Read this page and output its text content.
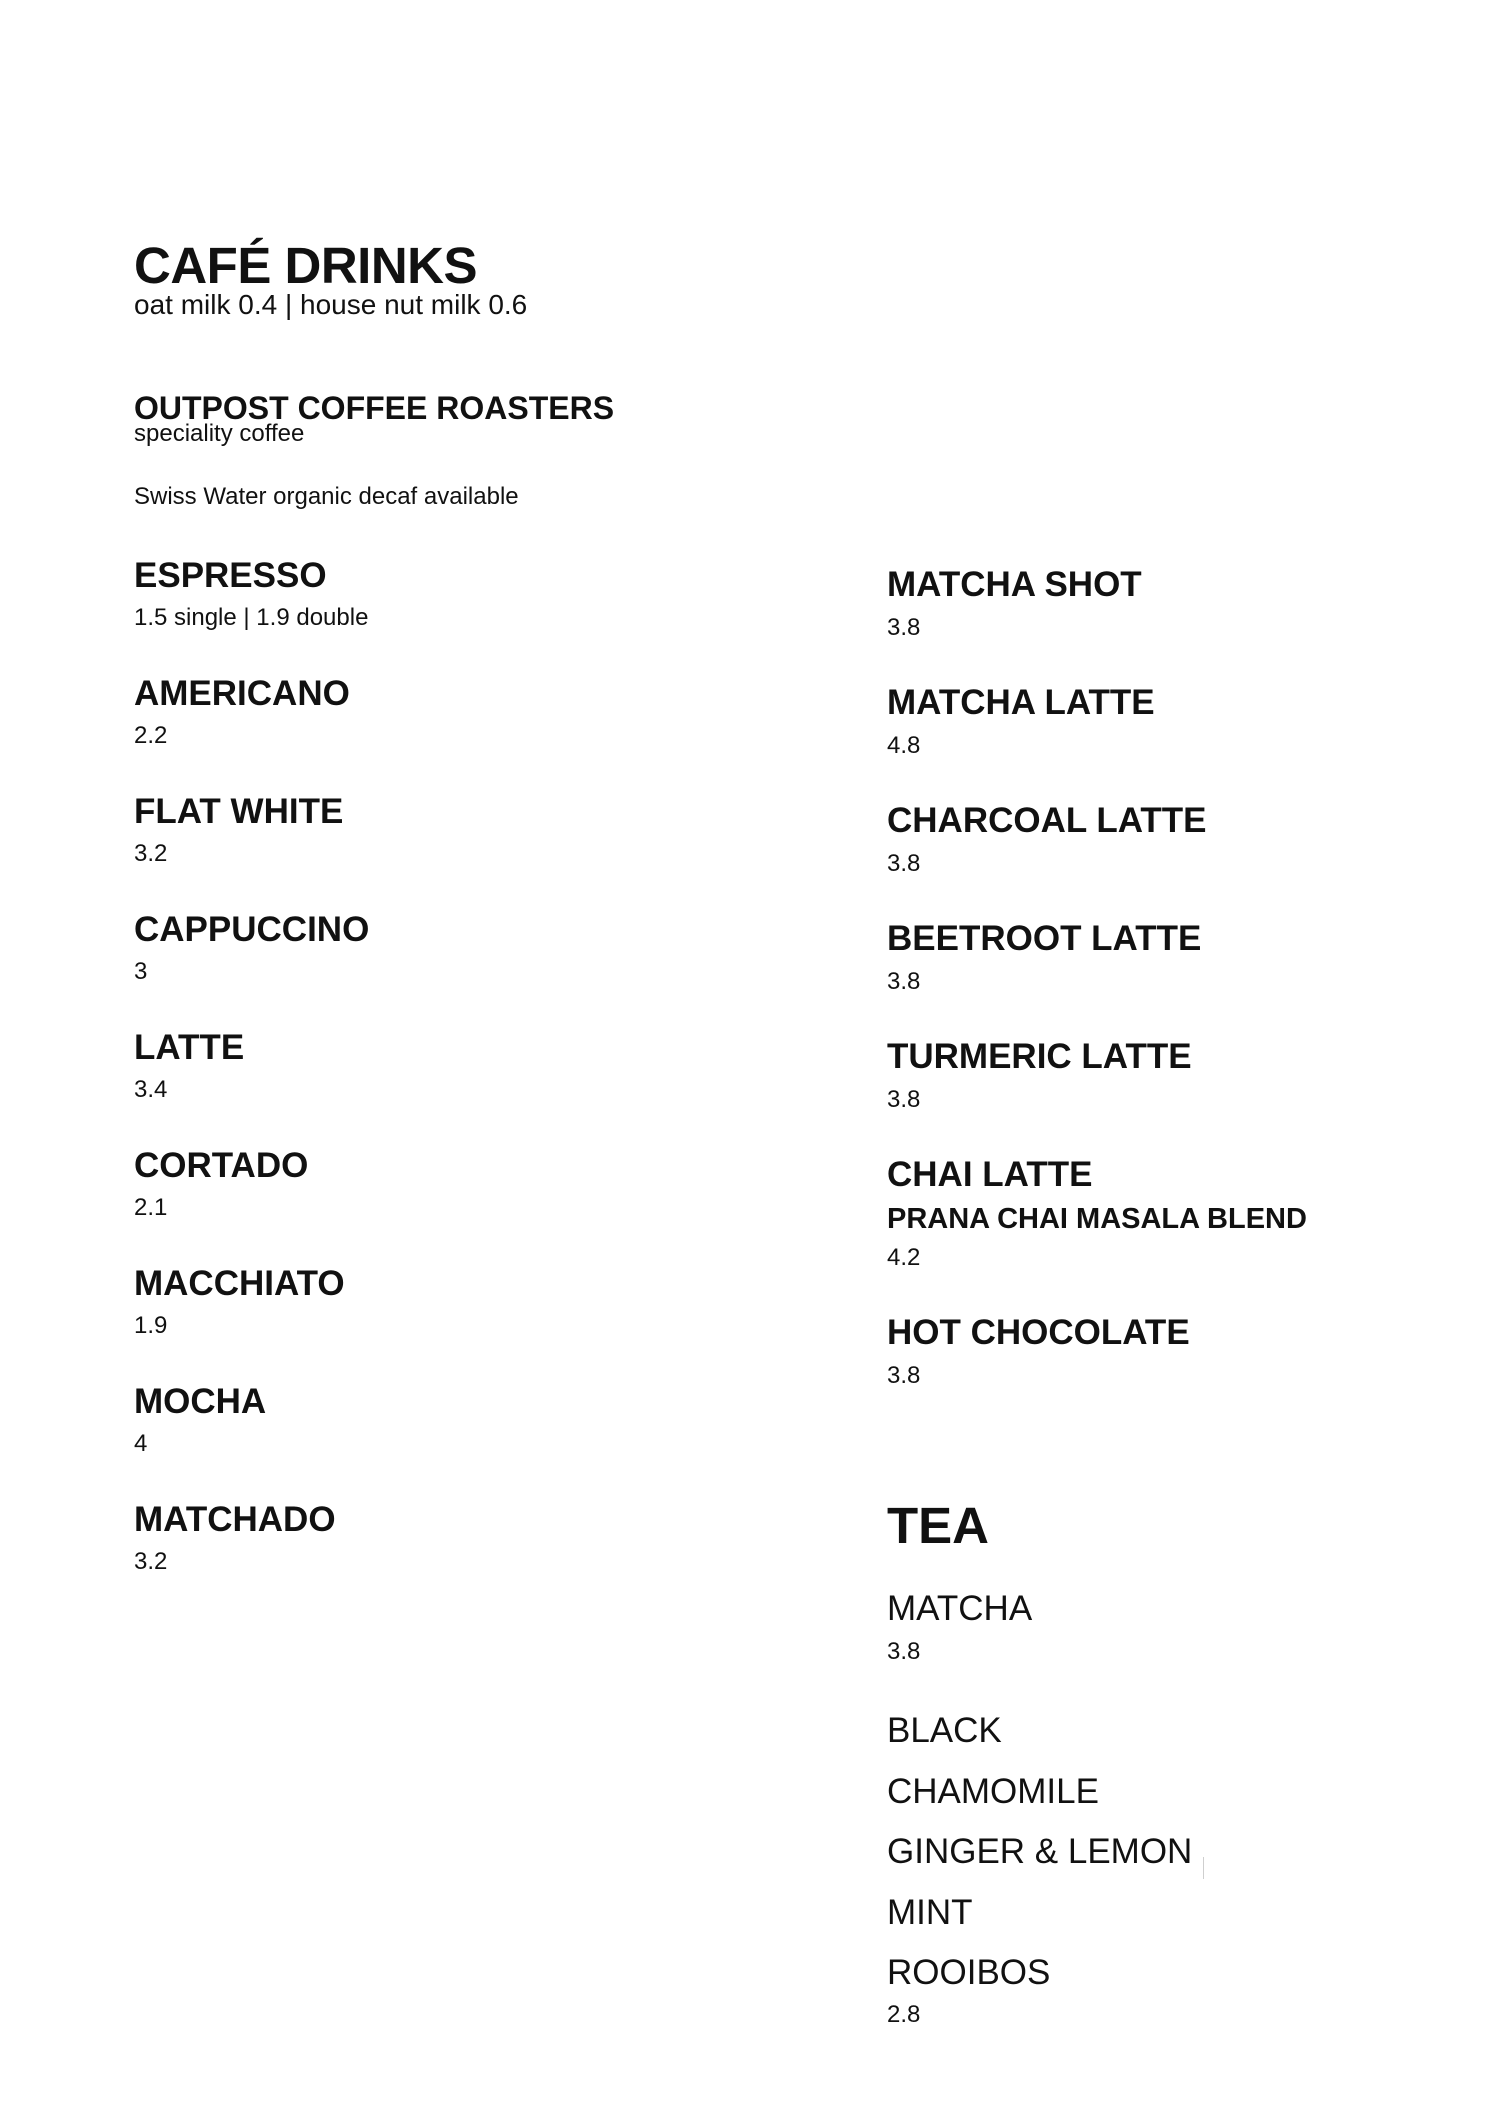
CAFÉ DRINKS
oat milk 0.4 | house nut milk 0.6
OUTPOST COFFEE ROASTERS
speciality coffee
Swiss Water organic decaf available
ESPRESSO
1.5 single | 1.9 double
AMERICANO
2.2
FLAT WHITE
3.2
CAPPUCCINO
3
LATTE
3.4
CORTADO
2.1
MACCHIATO
1.9
MOCHA
4
MATCHADO
3.2
MATCHA SHOT
3.8
MATCHA LATTE
4.8
CHARCOAL LATTE
3.8
BEETROOT LATTE
3.8
TURMERIC LATTE
3.8
CHAI LATTE
PRANA CHAI MASALA BLEND
4.2
HOT CHOCOLATE
3.8
TEA
MATCHA
3.8
BLACK
CHAMOMILE
GINGER & LEMON
MINT
ROOIBOS
2.8
